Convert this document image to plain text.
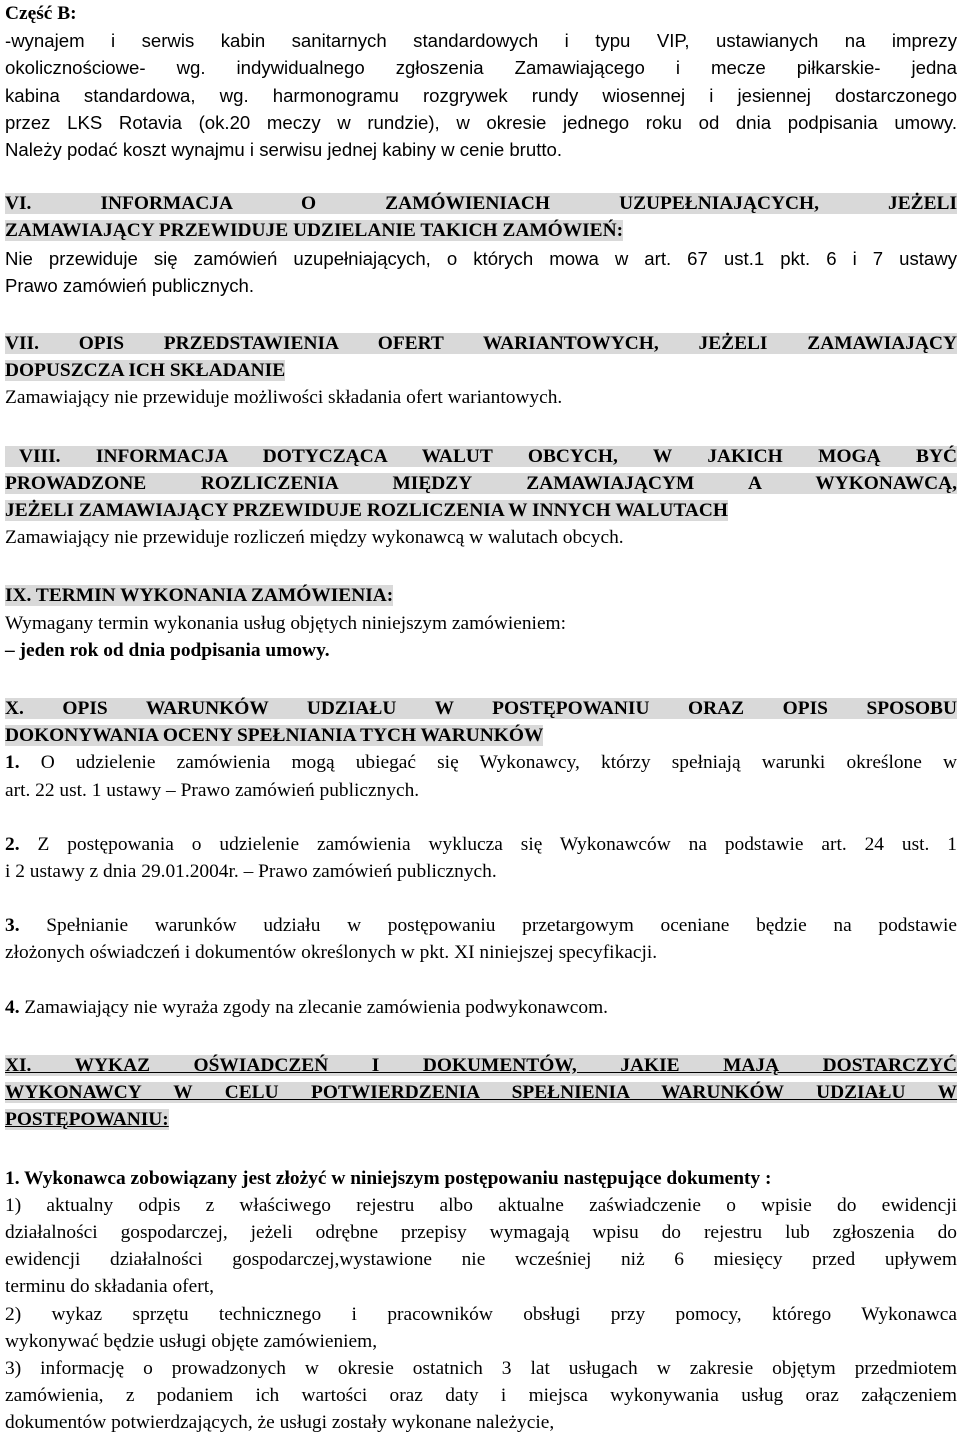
Część B:

-wynajem i serwis kabin sanitarnych standardowych i typu VIP, ustawianych na imprezy

okolicznościowe- wg. indywidualnego zgłoszenia Zamawiającego i mecze piłkarskie- jedna

kabina standardowa, wg. harmonogramu rozgrywek rundy wiosennej i jesiennej dostarczonego

przez LKS Rotavia (ok.20 meczy w rundzie), w okresie jednego roku od dnia podpisania umowy.

Należy podać koszt wynajmu i serwisu jednej kabiny w cenie brutto.

VI. INFORMACJA O ZAMÓWIENIACH UZUPEŁNIAJĄCYCH, JEŻELI

ZAMAWIAJĄCY PRZEWIDUJE UDZIELANIE TAKICH ZAMÓWIEŃ:

Nie przewiduje się zamówień uzupełniających, o których mowa w art. 67 ust.1 pkt. 6 i 7 ustawy

Prawo zamówień publicznych.

VII. OPIS PRZEDSTAWIENIA OFERT WARIANTOWYCH, JEŻELI ZAMAWIAJĄCY

DOPUSZCZA ICH SKŁADANIE

Zamawiający nie przewiduje możliwości składania ofert wariantowych.

VIII. INFORMACJA DOTYCZĄCA WALUT OBCYCH, W JAKICH MOGĄ BYĆ

PROWADZONE ROZLICZENIA MIĘDZY ZAMAWIAJĄCYM A WYKONAWCĄ,

JEŻELI ZAMAWIAJĄCY PRZEWIDUJE ROZLICZENIA W INNYCH WALUTACH

Zamawiający nie przewiduje rozliczeń między wykonawcą w walutach obcych.

IX. TERMIN WYKONANIA ZAMÓWIENIA:

Wymagany termin wykonania usług objętych niniejszym zamówieniem:

– jeden rok od dnia podpisania umowy.

X. OPIS WARUNKÓW UDZIAŁU W POSTĘPOWANIU ORAZ OPIS SPOSOBU

DOKONYWANIA OCENY SPEŁNIANIA TYCH WARUNKÓW

1. O udzielenie zamówienia mogą ubiegać się Wykonawcy, którzy spełniają warunki określone w

art. 22 ust. 1 ustawy – Prawo zamówień publicznych.

2. Z postępowania o udzielenie zamówienia wyklucza się Wykonawców na podstawie art. 24 ust. 1

i 2 ustawy z dnia 29.01.2004r. – Prawo zamówień publicznych.

3. Spełnianie warunków udziału w postępowaniu przetargowym oceniane będzie na podstawie

złożonych oświadczeń i dokumentów określonych w pkt. XI niniejszej specyfikacji.

4. Zamawiający nie wyraża zgody na zlecanie zamówienia podwykonawcom.

XI. WYKAZ OŚWIADCZEŃ I DOKUMENTÓW, JAKIE MAJĄ DOSTARCZYĆ

WYKONAWCY W CELU POTWIERDZENIA SPEŁNIENIA WARUNKÓW UDZIAŁU W

POSTĘPOWANIU:

1. Wykonawca zobowiązany jest złożyć w niniejszym postępowaniu następujące dokumenty :

1) aktualny odpis z właściwego rejestru albo aktualne zaświadczenie o wpisie do ewidencji

działalności gospodarczej, jeżeli odrębne przepisy wymagają wpisu do rejestru lub zgłoszenia do

ewidencji działalności gospodarczej,wystawione nie wcześniej niż 6 miesięcy przed upływem

terminu do składania ofert,

2) wykaz sprzętu technicznego i pracowników obsługi przy pomocy, którego Wykonawca

wykonywać będzie usługi objęte zamówieniem,

3) informację o prowadzonych w okresie ostatnich 3 lat usługach w zakresie objętym przedmiotem

zamówienia, z podaniem ich wartości oraz daty i miejsca wykonywania usług oraz załączeniem

dokumentów potwierdzających, że usługi zostały wykonane należycie,
